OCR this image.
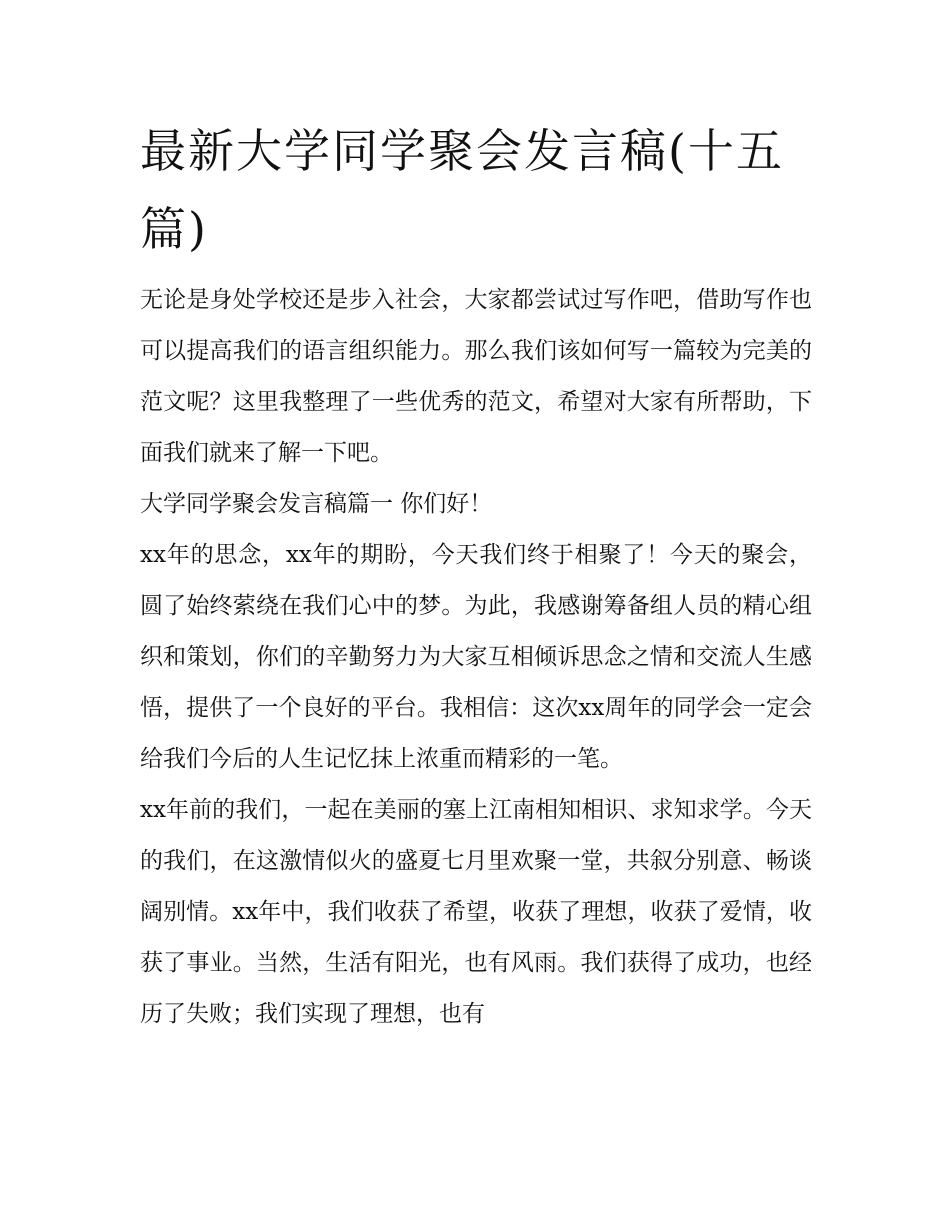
最新大学同学聚会发言稿(十五篇)

无论是身处学校还是步入社会，大家都尝试过写作吧，借助写作也可以提高我们的语言组织能力。那么我们该如何写一篇较为完美的范文呢？这里我整理了一些优秀的范文，希望对大家有所帮助，下面我们就来了解一下吧。

大学同学聚会发言稿篇一 你们好！

xx年的思念，xx年的期盼，今天我们终于相聚了！今天的聚会，圆了始终萦绕在我们心中的梦。为此，我感谢筹备组人员的精心组织和策划，你们的辛勤努力为大家互相倾诉思念之情和交流人生感悟，提供了一个良好的平台。我相信：这次xx周年的同学会一定会给我们今后的人生记忆抹上浓重而精彩的一笔。

xx年前的我们，一起在美丽的塞上江南相知相识、求知求学。今天的我们，在这激情似火的盛夏七月里欢聚一堂，共叙分别意、畅谈阔别情。xx年中，我们收获了希望，收获了理想，收获了爱情，收获了事业。当然，生活有阳光，也有风雨。我们获得了成功，也经历了失败；我们实现了理想，也有
